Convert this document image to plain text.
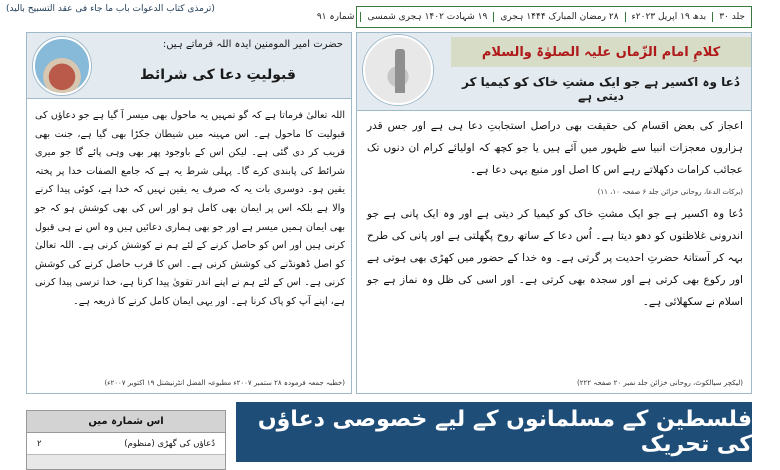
(ترمذی کتاب الدعوات باب ما جاء فی عقد التسبیح بالید)
جلد ۳۰
بدھ ۱۹ اپریل ۲۰۲۳ء
۲۸ رمضان المبارک ۱۴۴۴ ہجری
۱۹ شہادت ۱۴۰۲ ہجری شمسی
شمارہ ۹۱
حضرت امیر المومنین ایدہ اللہ فرماتے ہیں:
قبولیتِ دعا کی شرائط
اللہ تعالیٰ فرماتا ہے کہ گو تمہیں یہ ماحول بھی میسر آ گیا ہے جو دعاؤں کی قبولیت کا ماحول ہے۔ اس مہینہ میں شیطان جکڑا بھی گیا ہے، جنت بھی قریب کر دی گئی ہے۔ لیکن اس کے باوجود پھر بھی وہی پائے گا جو میری شرائط کی پابندی کرے گا۔ پہلی شرط یہ ہے کہ جامع الصفات خدا پر پختہ یقین ہو۔ دوسری بات یہ کہ صرف یہ یقین نہیں کہ خدا ہے، کوئی پیدا کرنے والا ہے بلکہ اس پر ایمان بھی کامل ہو اور اس کی بھی کوشش ہو کہ جو بھی ایمان ہمیں میسر ہے اور جو بھی ہماری دعائیں ہیں وہ اس نے ہی قبول کرنی ہیں اور اس کو حاصل کرنے کے لئے ہم نے کوشش کرنی ہے۔ اللہ تعالیٰ کو اصل ڈھونڈنے کی کوشش کرنی ہے۔ اس کا قرب حاصل کرنے کی کوشش کرنی ہے۔ اس کے لئے ہم نے اپنے اندر تقویٰ پیدا کرنا ہے، خدا ترسی پیدا کرنی ہے، اپنے آپ کو پاک کرنا ہے۔ اور یہی ایمان کامل کرنے کا ذریعہ ہے۔
(خطبہ جمعہ فرمودہ ۲۸ ستمبر ۲۰۰۷ء مطبوعہ الفضل انٹرنیشنل ۱۹ اکتوبر ۲۰۰۷ء)
کلامِ امام الزّماں علیہ الصلوٰۃ والسلام
دُعا وہ اکسیر ہے جو ایک مشتِ خاک کو کیمیا کر دیتی ہے

اعجاز کی بعض اقسام کی حقیقت بھی دراصل استجابتِ دعا ہی ہے اور جس قدر ہزاروں معجزات انبیا سے ظہور میں آئے ہیں یا جو کچھ کہ اولیائے کرام ان دنوں تک عجائب کرامات دکھلاتے رہے اس کا اصل اور منبع یہی دعا ہے۔

(برکات الدعا، روحانی خزائن جلد ۶ صفحہ ۱۰، ۱۱)

دُعا وہ اکسیر ہے جو ایک مشتِ خاک کو کیمیا کر دیتی ہے اور وہ ایک پانی ہے جو اندرونی غلاظتوں کو دھو دیتا ہے۔ اُس دعا کے ساتھ روح پگھلتی ہے اور پانی کی طرح بہہ کر آستانۂ حضرتِ احدیت پر گرتی ہے۔ وہ خدا کے حضور میں کھڑی بھی ہوتی ہے اور رکوع بھی کرتی ہے اور سجدہ بھی کرتی ہے۔ اور اسی کی ظل وہ نماز ہے جو اسلام نے سکھلائی ہے۔

(لیکچر سیالکوٹ، روحانی خزائن جلد نمبر ۲۰ صفحہ ۲۲۲)
اس شمارہ میں
دُعاؤں کی گھڑی (منظوم)
۲
فلسطین کے مسلمانوں کے لیے خصوصی دعاؤں کی تحریک
